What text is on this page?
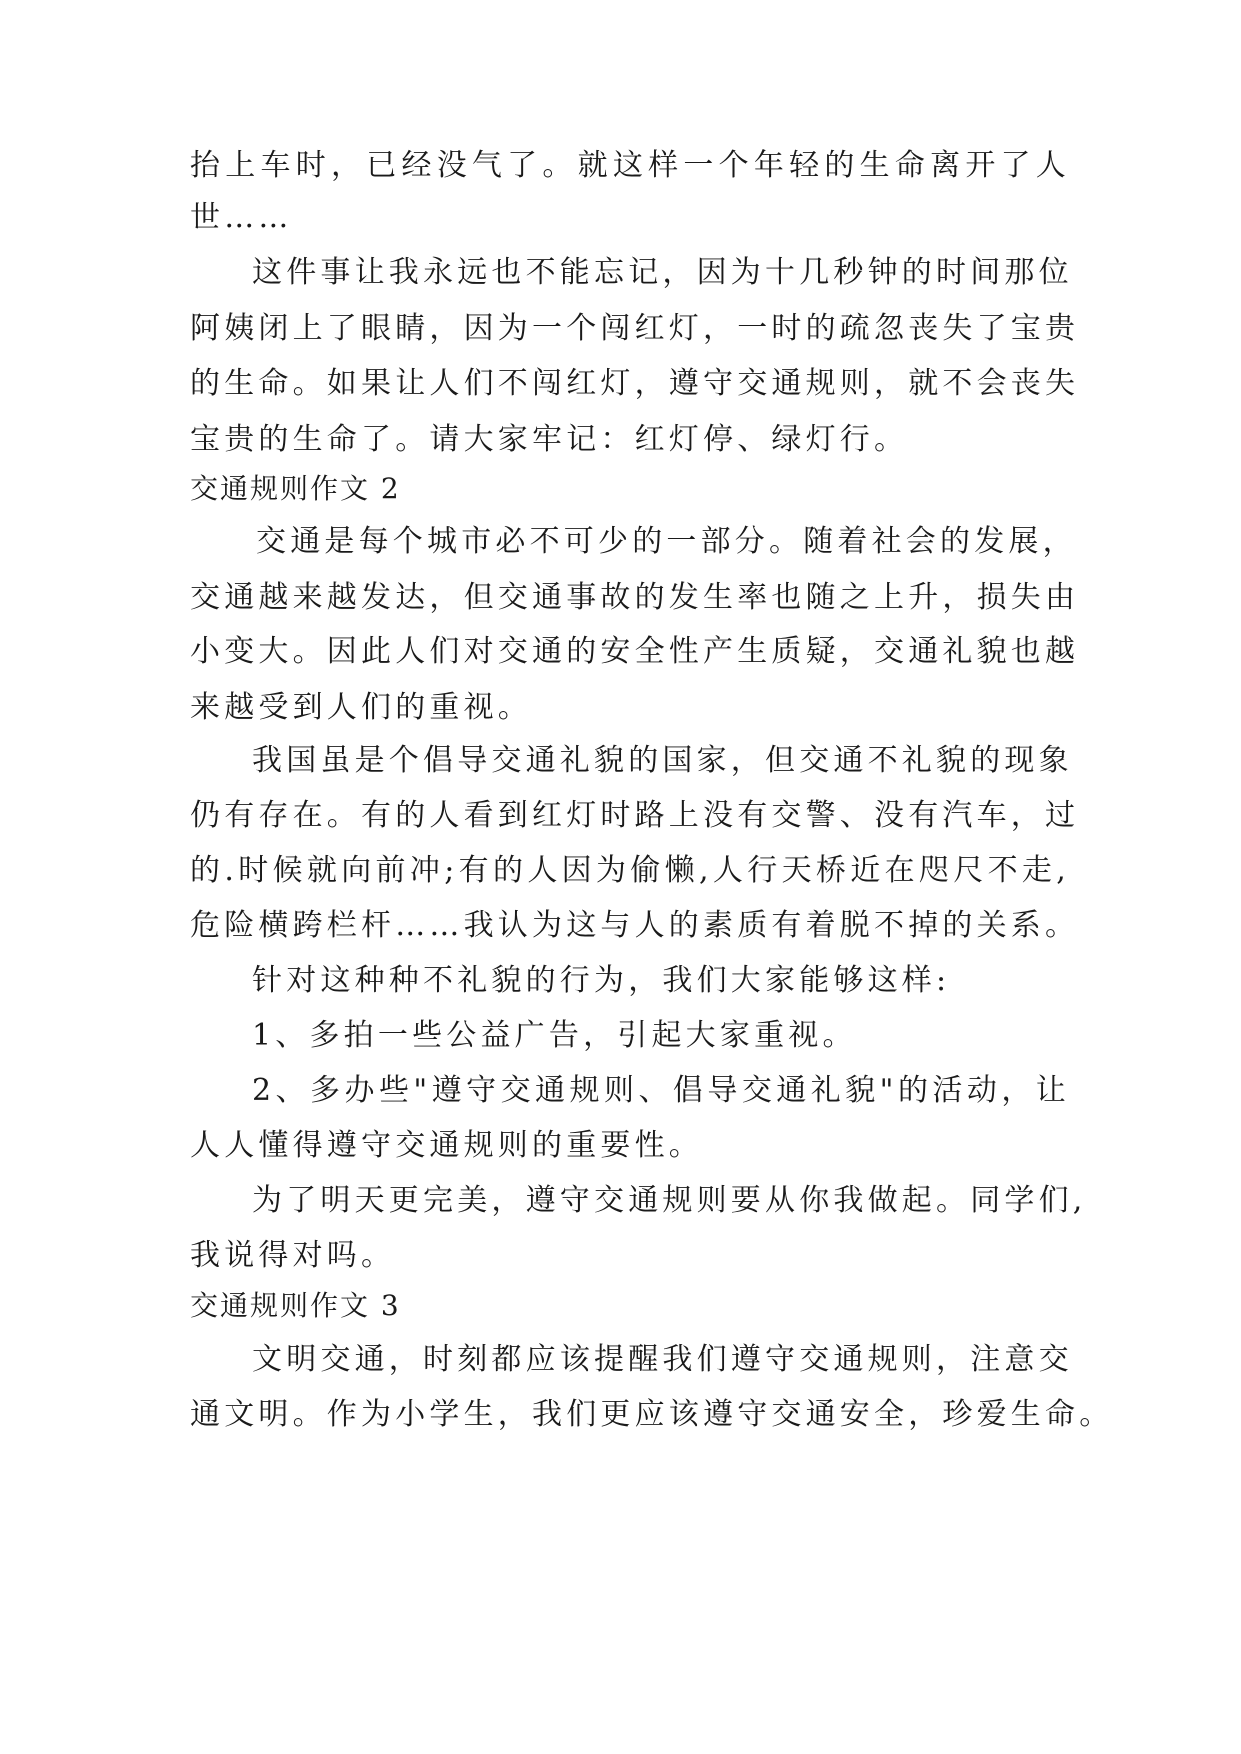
抬上车时，已经没气了。就这样一个年轻的生命离开了人
世……
这件事让我永远也不能忘记，因为十几秒钟的时间那位
阿姨闭上了眼睛，因为一个闯红灯，一时的疏忽丧失了宝贵
的生命。如果让人们不闯红灯，遵守交通规则，就不会丧失
宝贵的生命了。请大家牢记：红灯停、绿灯行。
交通规则作文 2
交通是每个城市必不可少的一部分。随着社会的发展，
交通越来越发达，但交通事故的发生率也随之上升，损失由
小变大。因此人们对交通的安全性产生质疑，交通礼貌也越
来越受到人们的重视。
我国虽是个倡导交通礼貌的国家，但交通不礼貌的现象
仍有存在。有的人看到红灯时路上没有交警、没有汽车，过
的.时候就向前冲;有的人因为偷懒,人行天桥近在咫尺不走,
危险横跨栏杆……我认为这与人的素质有着脱不掉的关系。
针对这种种不礼貌的行为，我们大家能够这样:
1、多拍一些公益广告，引起大家重视。
2、多办些"遵守交通规则、倡导交通礼貌"的活动，让
人人懂得遵守交通规则的重要性。
为了明天更完美，遵守交通规则要从你我做起。同学们,
我说得对吗。
交通规则作文 3
文明交通，时刻都应该提醒我们遵守交通规则，注意交
通文明。作为小学生，我们更应该遵守交通安全，珍爱生命。
